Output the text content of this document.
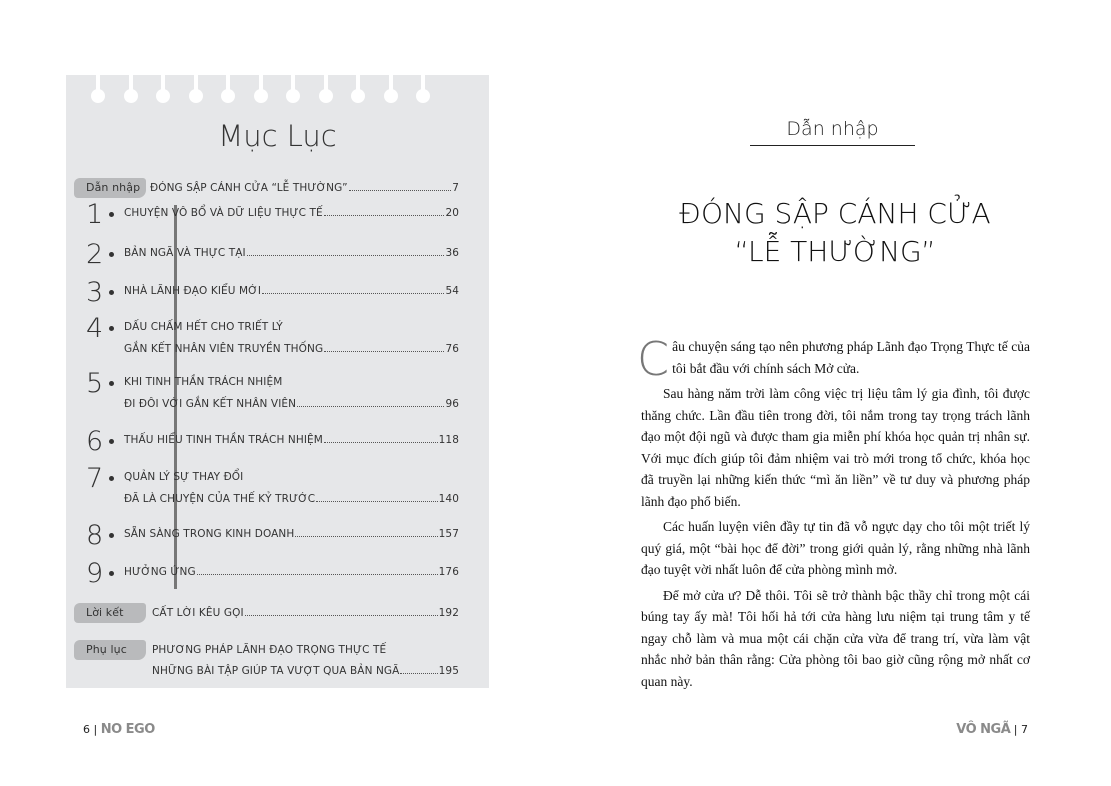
Mục Lục
Dẫn nhập ĐÓNG SẬP CÁNH CỬA “LỄ THƯỜNG”	7
1 CHUYỆN VÔ BỔ VÀ DỮ LIỆU THỰC TẾ	20
2 BẢN NGÃ VÀ THỰC TẠI	36
3 NHÀ LÃNH ĐẠO KIỂU MỚI	54
4 DẤU CHẤM HẾT CHO TRIẾT LÝ
GẮN KẾT NHÂN VIÊN TRUYỀN THỐNG	76
5 KHI TINH THẦN TRÁCH NHIỆM
ĐI ĐÔI VỚI GẮN KẾT NHÂN VIÊN	96
6 THẤU HIỂU TINH THẦN TRÁCH NHIỆM	118
7 QUẢN LÝ SỰ THAY ĐỔI
ĐÃ LÀ CHUYỆN CỦA THẾ KỶ TRƯỚC	140
8 SẴN SÀNG TRONG KINH DOANH	157
9 HƯỞNG ỨNG	176
Lời kết	CẤT LỜI KÊU GỌI	192
Phụ lục	PHƯƠNG PHÁP LÃNH ĐẠO TRỌNG THỰC TẾ
NHỮNG BÀI TẬP GIÚP TA VƯỢT QUA BẢN NGÃ	195
6 | NO EGO
Dẫn nhập
ĐÓNG SẬP CÁNH CỬA
“LỄ THƯỜNG”

Câu chuyện sáng tạo nên phương pháp Lãnh đạo Trọng Thực tế của tôi bắt đầu với chính sách Mở cửa.

Sau hàng năm trời làm công việc trị liệu tâm lý gia đình, tôi được thăng chức. Lần đầu tiên trong đời, tôi nắm trong tay trọng trách lãnh đạo một đội ngũ và được tham gia miễn phí khóa học quản trị nhân sự. Với mục đích giúp tôi đảm nhiệm vai trò mới trong tổ chức, khóa học đã truyền lại những kiến thức “mì ăn liền” về tư duy và phương pháp lãnh đạo phổ biến.

Các huấn luyện viên đầy tự tin đã vỗ ngực dạy cho tôi một triết lý quý giá, một “bài học để đời” trong giới quản lý, rằng những nhà lãnh đạo tuyệt vời nhất luôn để cửa phòng mình mở.

Để mở cửa ư? Dễ thôi. Tôi sẽ trở thành bậc thầy chỉ trong một cái búng tay ấy mà! Tôi hối hả tới cửa hàng lưu niệm tại trung tâm y tế ngay chỗ làm và mua một cái chặn cửa vừa để trang trí, vừa làm vật nhắc nhở bản thân rằng: Cửa phòng tôi bao giờ cũng rộng mở nhất cơ quan này.

VÔ NGÃ | 7
